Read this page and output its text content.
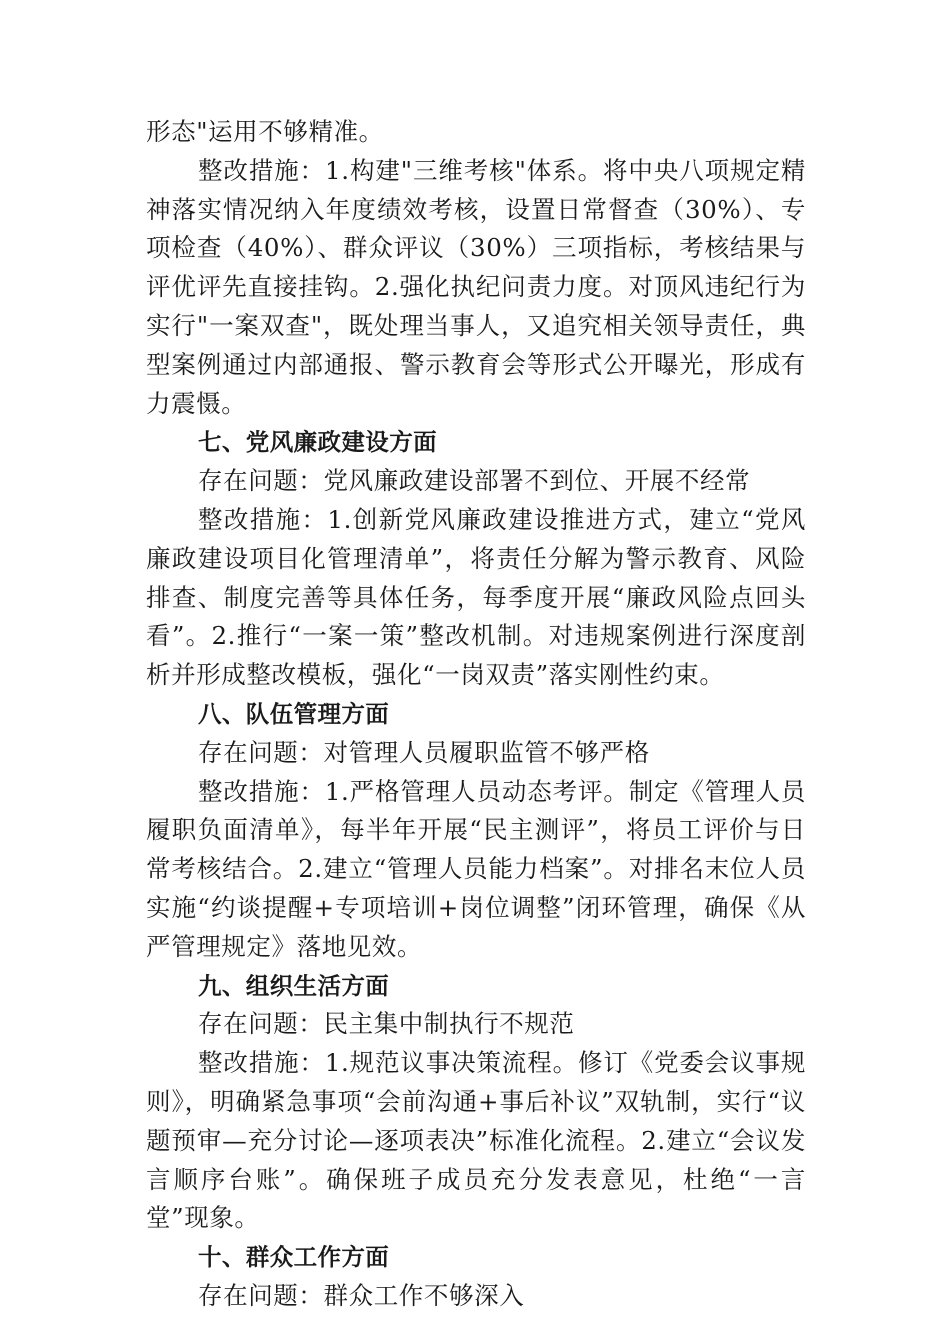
形态"运用不够精准。

整改措施：1.构建"三维考核"体系。将中央八项规定精神落实情况纳入年度绩效考核，设置日常督查（30%）、专项检查（40%）、群众评议（30%）三项指标，考核结果与评优评先直接挂钩。2.强化执纪问责力度。对顶风违纪行为实行"一案双查"，既处理当事人，又追究相关领导责任，典型案例通过内部通报、警示教育会等形式公开曝光，形成有力震慑。

七、党风廉政建设方面

存在问题：党风廉政建设部署不到位、开展不经常

整改措施：1.创新党风廉政建设推进方式，建立“党风廉政建设项目化管理清单”，将责任分解为警示教育、风险排查、制度完善等具体任务，每季度开展“廉政风险点回头看”。2.推行“一案一策”整改机制。对违规案例进行深度剖析并形成整改模板，强化“一岗双责”落实刚性约束。

八、队伍管理方面

存在问题：对管理人员履职监管不够严格

整改措施：1.严格管理人员动态考评。制定《管理人员履职负面清单》，每半年开展“民主测评”，将员工评价与日常考核结合。2.建立“管理人员能力档案”。对排名末位人员实施“约谈提醒+专项培训+岗位调整”闭环管理，确保《从严管理规定》落地见效。

九、组织生活方面

存在问题：民主集中制执行不规范

整改措施：1.规范议事决策流程。修订《党委会议事规则》，明确紧急事项“会前沟通+事后补议”双轨制，实行“议题预审—充分讨论—逐项表决”标准化流程。2.建立“会议发言顺序台账”。确保班子成员充分发表意见，杜绝“一言堂”现象。

十、群众工作方面

存在问题：群众工作不够深入
